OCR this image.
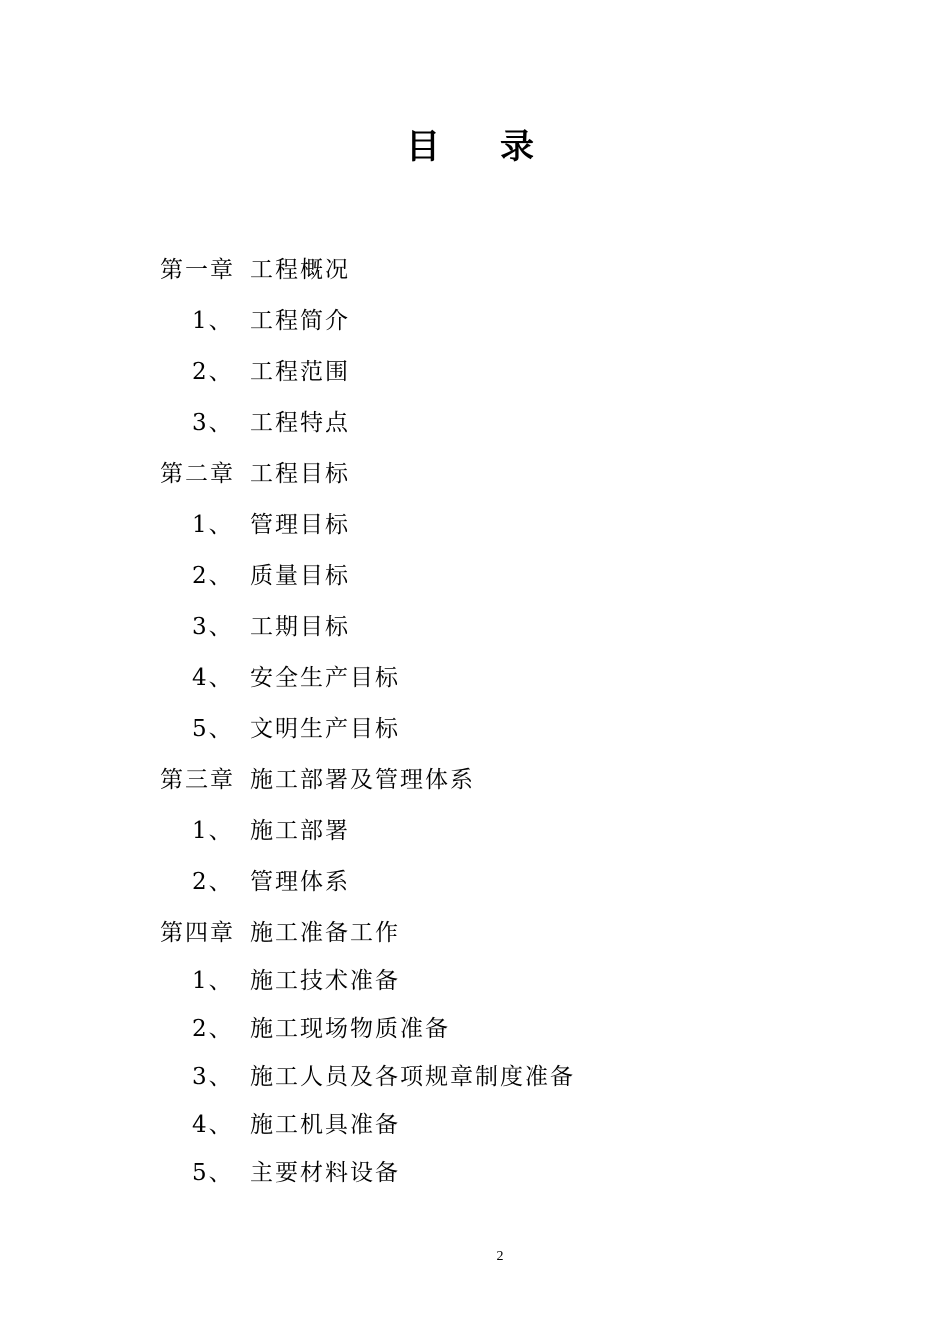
目录
第一章 工程概况
1、 工程简介
2、 工程范围
3、 工程特点
第二章 工程目标
1、 管理目标
2、 质量目标
3、 工期目标
4、 安全生产目标
5、 文明生产目标
第三章 施工部署及管理体系
1、 施工部署
2、 管理体系
第四章 施工准备工作
1、 施工技术准备
2、 施工现场物质准备
3、 施工人员及各项规章制度准备
4、 施工机具准备
5、 主要材料设备
2
